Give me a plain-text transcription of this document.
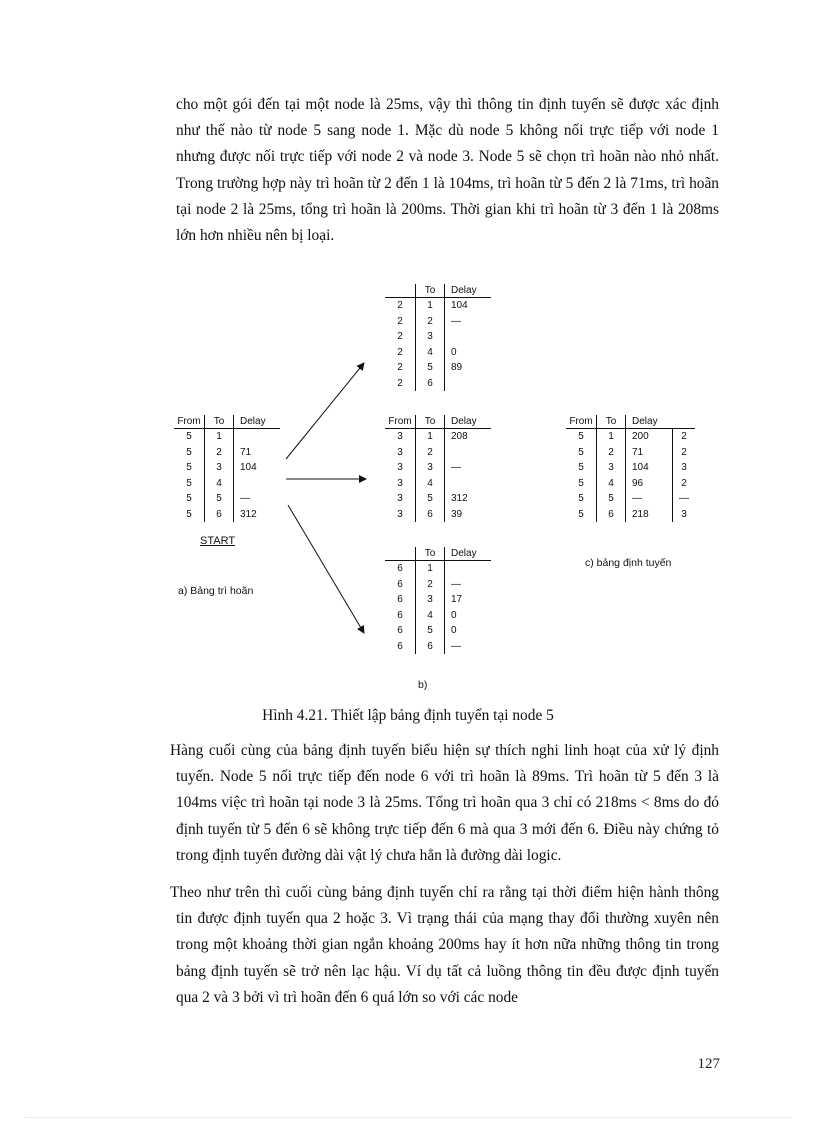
cho một gói đến tại một node là 25ms, vậy thì thông tin định tuyến sẽ được xác định như thế nào từ node 5 sang node 1. Mặc dù node 5 không nối trực tiếp với node 1 nhưng được nối trực tiếp với node 2 và node 3. Node 5 sẽ chọn trì hoãn nào nhỏ nhất. Trong trường hợp này trì hoãn từ 2 đến 1 là 104ms, trì hoãn từ 5 đến 2 là 71ms, trì hoãn tại node 2 là 25ms, tổng trì hoãn là 200ms. Thời gian khi trì hoãn từ 3 đến 1 là 208ms lớn hơn nhiều nên bị loại.

From	To	Delay
5	1	
5	2	71
5	3	104
5	4	
5	5	—
5	6	312
START
a) Bảng trì hoãn
	To	Delay
2	1	104
2	2	—
2	3	
2	4	0
2	5	89
2	6	
From	To	Delay
3	1	208
3	2	
3	3	—
3	4	
3	5	312
3	6	39
	To	Delay
6	1	
6	2	—
6	3	17
6	4	0
6	5	0
6	6	—
b)
From	To	Delay	
5	1	200	2
5	2	71	2
5	3	104	3
5	4	96	2
5	5	—	—
5	6	218	3
c) bảng định tuyến
Hình 4.21. Thiết lập bảng định tuyến tại node 5

Hàng cuối cùng của bảng định tuyến biểu hiện sự thích nghi linh hoạt của xử lý định tuyến. Node 5 nối trực tiếp đến node 6 với trì hoãn là 89ms. Trì hoãn từ 5 đến 3 là 104ms việc trì hoãn tại node 3 là 25ms. Tổng trì hoãn qua 3 chỉ có 218ms < 8ms do đó định tuyến từ 5 đến 6 sẽ không trực tiếp đến 6 mà qua 3 mới đến 6. Điều này chứng tỏ trong định tuyến đường dài vật lý chưa hẳn là đường dài logic.

Theo như trên thì cuối cùng bảng định tuyến chỉ ra rằng tại thời điểm hiện hành thông tin được định tuyến qua 2 hoặc 3. Vì trạng thái của mạng thay đổi thường xuyên nên trong một khoảng thời gian ngắn khoảng 200ms hay ít hơn nữa những thông tin trong bảng định tuyến sẽ trở nên lạc hậu. Ví dụ tất cả luồng thông tin đều được định tuyến qua 2 và 3 bởi vì trì hoãn đến 6 quá lớn so với các node

127
